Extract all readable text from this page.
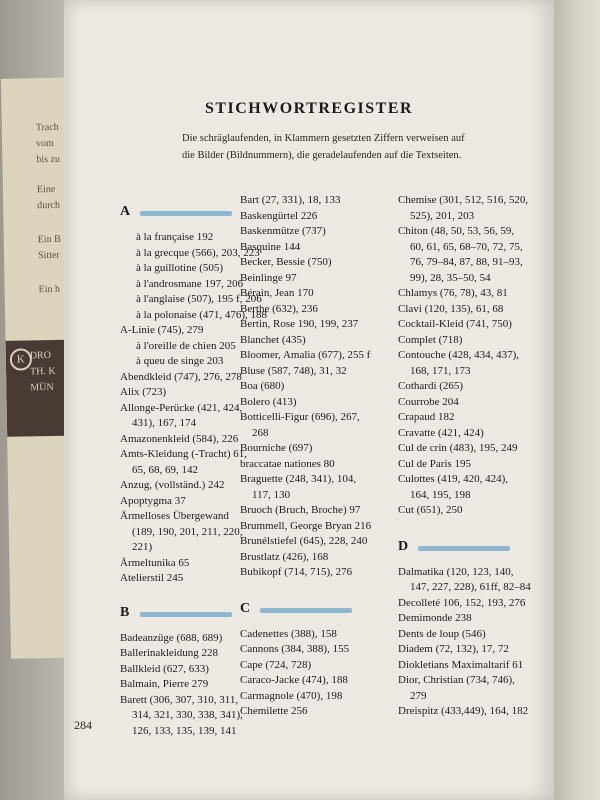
Trach
vom
bis zu
Eine
durch
Ein B
Sitter
Ein h
K DRO
TH. K
MÜN
STICHWORTREGISTER
Die schräglaufenden, in Klammern gesetzten Ziffern verweisen auf
die Bilder (Bildnummern), die geradelaufenden auf die Textseiten.
A
à la française 192
à la grecque (566), 203, 223
à la guillotine (505)
à l'androsmane 197, 206
à l'anglaise (507), 195 f, 206
à la polonaise (471, 476), 188
A-Linie (745), 279
à l'oreille de chien 205
à queu de singe 203
Abendkleid (747), 276, 278
Alix (723)
Allonge-Perücke (421, 424,
431), 167, 174
Amazonenkleid (584), 226
Amts-Kleidung (-Tracht) 61,
65, 68, 69, 142
Anzug, (vollständ.) 242
Apoptygma 37
Ärmelloses Übergewand
(189, 190, 201, 211, 220,
221)
Ärmeltunika 65
Atelierstil 245
B
Badeanzüge (688, 689)
Ballerinakleidung 228
Ballkleid (627, 633)
Balmain, Pierre 279
Barett (306, 307, 310, 311,
314, 321, 330, 338, 341),
126, 133, 135, 139, 141
Bart (27, 331), 18, 133
Baskengürtel 226
Baskenmütze (737)
Basquine 144
Becker, Bessie (750)
Beinlinge 97
Bérain, Jean 170
Berthe (632), 236
Bertin, Rose 190, 199, 237
Blanchet (435)
Bloomer, Amalia (677), 255 f
Bluse (587, 748), 31, 32
Boa (680)
Bolero (413)
Botticelli-Figur (696), 267,
268
Bourniche (697)
braccatae nationes 80
Braguette (248, 341), 104,
117, 130
Bruoch (Bruch, Broche) 97
Brummell, George Bryan 216
Brunélstiefel (645), 228, 240
Brustlatz (426), 168
Bubikopf (714, 715), 276
C
Cadenettes (388), 158
Cannons (384, 388), 155
Cape (724, 728)
Caraco-Jacke (474), 188
Carmagnole (470), 198
Chemilette 256
Chemise (301, 512, 516, 520,
525), 201, 203
Chiton (48, 50, 53, 56, 59,
60, 61, 65, 68–70, 72, 75,
76, 79–84, 87, 88, 91–93,
99), 28, 35–50, 54
Chlamys (76, 78), 43, 81
Clavi (120, 135), 61, 68
Cocktail-Kleid (741, 750)
Complet (718)
Contouche (428, 434, 437),
168, 171, 173
Cothardi (265)
Courrobe 204
Crapaud 182
Cravatte (421, 424)
Cul de crin (483), 195, 249
Cul de Paris 195
Culottes (419, 420, 424),
164, 195, 198
Cut (651), 250
D
Dalmatika (120, 123, 140,
147, 227, 228), 61ff, 82–84
Decolleté 106, 152, 193, 276
Demimonde 238
Dents de loup (546)
Diadem (72, 132), 17, 72
Diokletians Maximaltarif 61
Dior, Christian (734, 746),
279
Dreispitz (433,449), 164, 182
284
